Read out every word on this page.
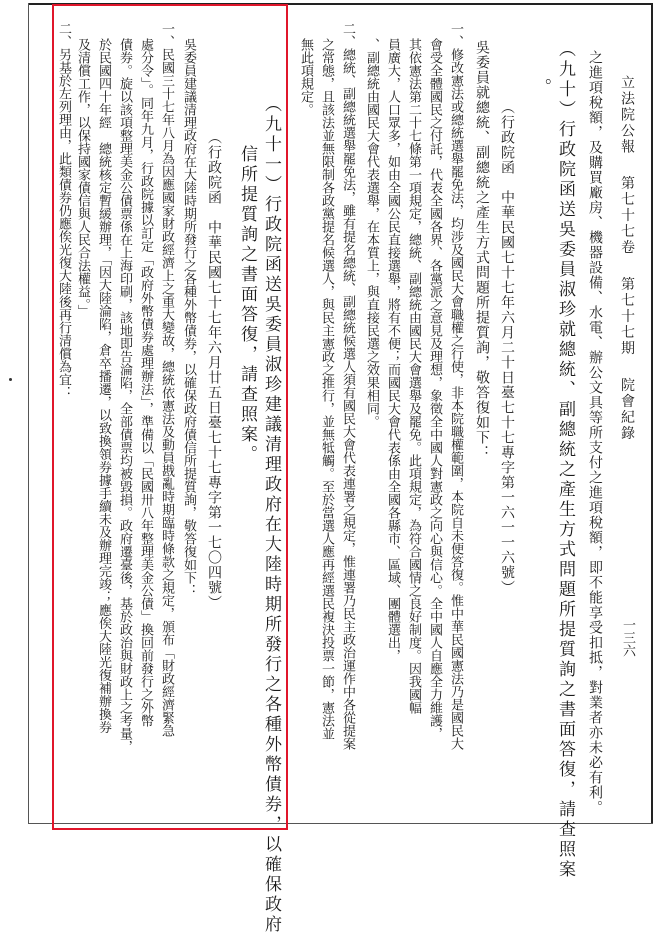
立法院公報  第七十七卷  第七十七期  院會紀錄
一三六
之進項稅額，及購買廠房、機器設備、水電、辦公文具等所支付之進項稅額，即不能享受扣抵，對業者亦未必有利。
（九十）行政院函送吳委員淑珍就總統、副總統之產生方式問題所提質詢之書面答復，請查照案
。
（行政院函　中華民國七十七年六月二十日臺七十七專字第一六一一六號）
吳委員就總統、副總統之產生方式問題所提質詢，敬答復如下：
一、修改憲法或總統選舉罷免法，均涉及國民大會職權之行使，非本院職權範圍，本院自未便答復。惟中華民國憲法乃是國民大
會受全體國民之付託，代表全國各界、各黨派之意見及理想，象徵全中國人對憲政之向心與信心。全中國人自應全力維護，
其依憲法第二十七條第一項規定，總統、副總統由國民大會選舉及罷免。此項規定，為符合國情之良好制度。因我國幅
員廣大，人口眾多，如由全國公民直接選舉，將有不便；而國民大會代表係由全國各縣市、區域、團體選出，
、副總統由國民大會代表選舉，在本質上，與直接民選之效果相同。
二、總統、副總統選舉罷免法，雖有提名總統、副總統候選人須有國民大會代表連署之規定，惟連署乃民主政治運作中各從提案
之常態，且該法並無限制各政黨提名候選人，與民主憲政之推行，並無牴觸。至於當選人應再經選民複決投票一節，憲法並
無此項規定。
（九十一）行政院函送吳委員淑珍建議清理政府在大陸時期所發行之各種外幣債券，以確保政府
信所提質詢之書面答復，請查照案。
（行政院函　中華民國七十七年六月廿五日臺七十七專字第一七〇四號）
吳委員建議清理政府在大陸時期所發行之各種外幣債券，以確保政府債信所提質詢，敬答復如下：
一、民國三十七年八月為因應國家財政經濟上之重大變故，總統依憲法及動員戡亂時期臨時條款之規定，頒布「財政經濟緊急
處分令」。同年九月，行政院據以訂定「政府外幣債券處理辦法」，準備以「民國卅八年整理美金公債」換回前發行之外幣
債券。旋以該項整理美金公債票係在上海印刷，該地即告淪陷，全部債票均被毀損。政府遷臺後，基於政治與財政上之考量，
於民國四十年經　總統核定暫緩辦理，「因大陸淪陷，倉卒播遷，以致換領券據手續未及辦理完竣；應俟大陸光復補辦換券
及清償工作，以保持國家債信與人民合法權益。」
二、另基於左列理由，此類債券仍應俟光復大陸後再行清償為宜：
